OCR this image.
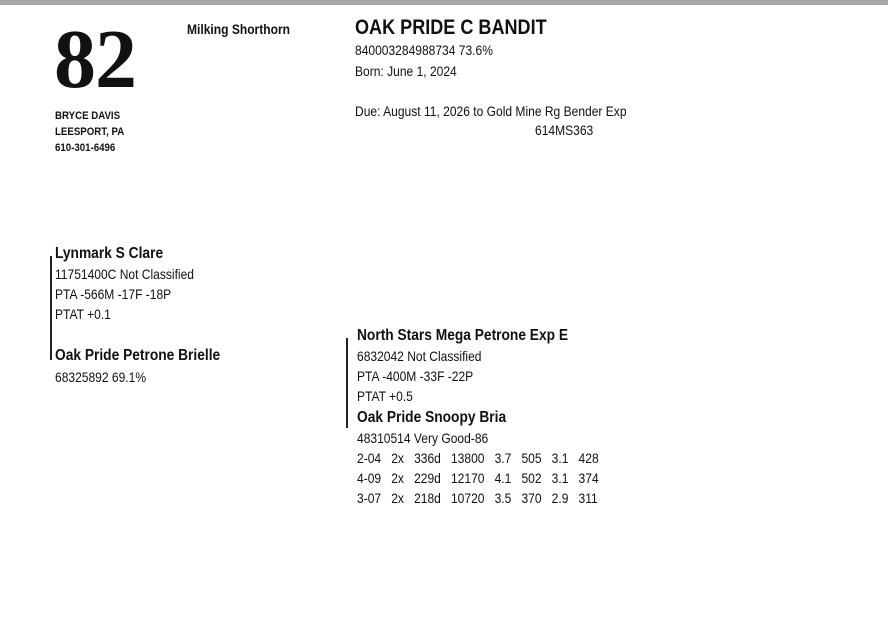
82	Milking Shorthorn
BRYCE DAVIS
LEESPORT, PA
610-301-6496
OAK PRIDE C BANDIT
840003284988734 73.6%
Born: June 1, 2024
Due: August 11, 2026 to Gold Mine Rg Bender Exp
614MS363
Lynmark S Clare
11751400C Not Classified
PTA -566M -17F -18P
PTAT +0.1
Oak Pride Petrone Brielle
68325892 69.1%
North Stars Mega Petrone Exp E
6832042 Not Classified
PTA -400M -33F -22P
PTAT +0.5
Oak Pride Snoopy Bria
48310514 Very Good-86
2-04  2x  336d  13800  3.7  505  3.1  428
4-09  2x  229d  12170  4.1  502  3.1  374
3-07  2x  218d  10720  3.5  370  2.9  311
